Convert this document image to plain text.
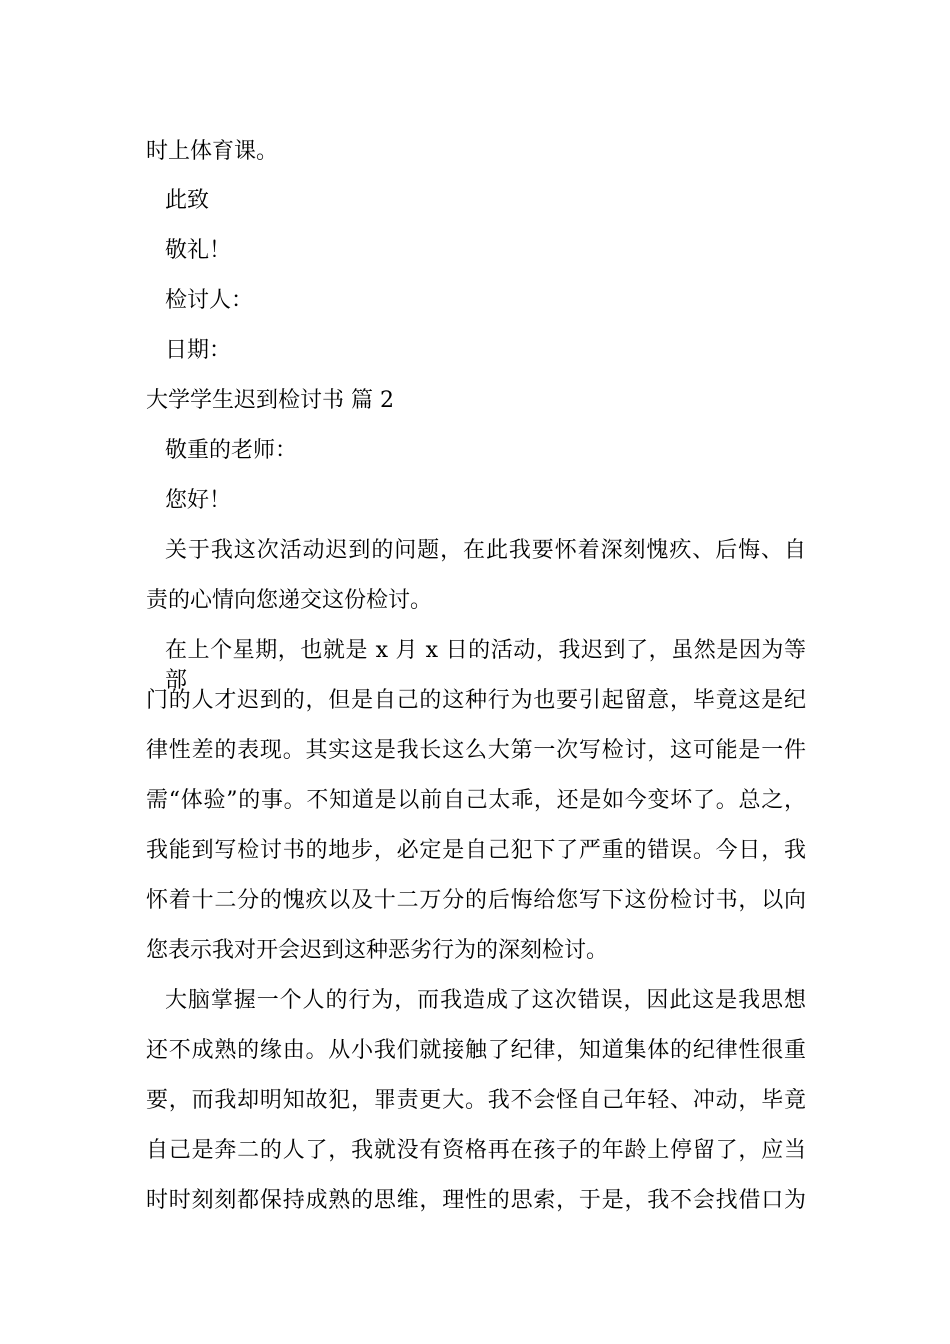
时上体育课。
此致
敬礼！
检讨人：
日期：
大学学生迟到检讨书 篇 2
敬重的老师：
您好！
关于我这次活动迟到的问题，在此我要怀着深刻愧疚、后悔、自
责的心情向您递交这份检讨。
在上个星期，也就是 x 月 x 日的活动，我迟到了，虽然是因为等部
门的人才迟到的，但是自己的这种行为也要引起留意，毕竟这是纪
律性差的表现。其实这是我长这么大第一次写检讨，这可能是一件
需“体验”的事。不知道是以前自己太乖，还是如今变坏了。总之，
我能到写检讨书的地步，必定是自己犯下了严重的错误。今日，我
怀着十二分的愧疚以及十二万分的后悔给您写下这份检讨书，以向
您表示我对开会迟到这种恶劣行为的深刻检讨。
大脑掌握一个人的行为，而我造成了这次错误，因此这是我思想
还不成熟的缘由。从小我们就接触了纪律，知道集体的纪律性很重
要，而我却明知故犯，罪责更大。我不会怪自己年轻、冲动，毕竟
自己是奔二的人了，我就没有资格再在孩子的年龄上停留了，应当
时时刻刻都保持成熟的思维，理性的思索，于是，我不会找借口为
